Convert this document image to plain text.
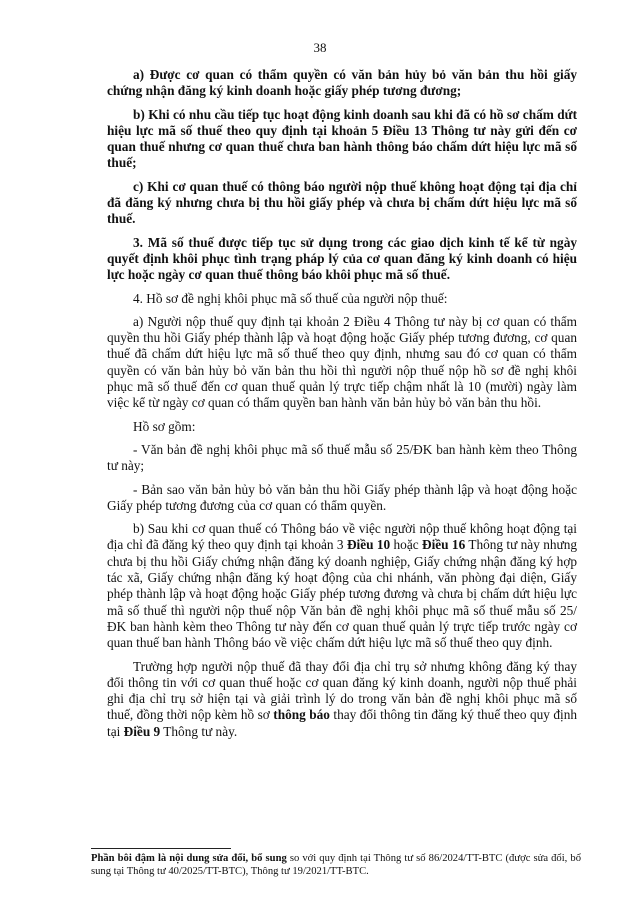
38

a) Được cơ quan có thẩm quyền có văn bản hủy bỏ văn bản thu hồi giấy chứng nhận đăng ký kinh doanh hoặc giấy phép tương đương;

b) Khi có nhu cầu tiếp tục hoạt động kinh doanh sau khi đã có hồ sơ chấm dứt hiệu lực mã số thuế theo quy định tại khoản 5 Điều 13 Thông tư này gửi đến cơ quan thuế nhưng cơ quan thuế chưa ban hành thông báo chấm dứt hiệu lực mã số thuế;

c) Khi cơ quan thuế có thông báo người nộp thuế không hoạt động tại địa chỉ đã đăng ký nhưng chưa bị thu hồi giấy phép và chưa bị chấm dứt hiệu lực mã số thuế.

3. Mã số thuế được tiếp tục sử dụng trong các giao dịch kinh tế kể từ ngày quyết định khôi phục tình trạng pháp lý của cơ quan đăng ký kinh doanh có hiệu lực hoặc ngày cơ quan thuế thông báo khôi phục mã số thuế.

4. Hồ sơ đề nghị khôi phục mã số thuế của người nộp thuế:

a) Người nộp thuế quy định tại khoản 2 Điều 4 Thông tư này bị cơ quan có thẩm quyền thu hồi Giấy phép thành lập và hoạt động hoặc Giấy phép tương đương, cơ quan thuế đã chấm dứt hiệu lực mã số thuế theo quy định, nhưng sau đó cơ quan có thẩm quyền có văn bản hủy bỏ văn bản thu hồi thì người nộp thuế nộp hồ sơ đề nghị khôi phục mã số thuế đến cơ quan thuế quản lý trực tiếp chậm nhất là 10 (mười) ngày làm việc kể từ ngày cơ quan có thẩm quyền ban hành văn bản hủy bỏ văn bản thu hồi.

Hồ sơ gồm:

- Văn bản đề nghị khôi phục mã số thuế mẫu số 25/ĐK ban hành kèm theo Thông tư này;

- Bản sao văn bản hủy bỏ văn bản thu hồi Giấy phép thành lập và hoạt động hoặc Giấy phép tương đương của cơ quan có thẩm quyền.

b) Sau khi cơ quan thuế có Thông báo về việc người nộp thuế không hoạt động tại địa chỉ đã đăng ký theo quy định tại khoản 3 Điều 10 hoặc Điều 16 Thông tư này nhưng chưa bị thu hồi Giấy chứng nhận đăng ký doanh nghiệp, Giấy chứng nhận đăng ký hợp tác xã, Giấy chứng nhận đăng ký hoạt động của chi nhánh, văn phòng đại diện, Giấy phép thành lập và hoạt động hoặc Giấy phép tương đương và chưa bị chấm dứt hiệu lực mã số thuế thì người nộp thuế nộp Văn bản đề nghị khôi phục mã số thuế mẫu số 25/ĐK ban hành kèm theo Thông tư này đến cơ quan thuế quản lý trực tiếp trước ngày cơ quan thuế ban hành Thông báo về việc chấm dứt hiệu lực mã số thuế theo quy định.

Trường hợp người nộp thuế đã thay đổi địa chỉ trụ sở nhưng không đăng ký thay đổi thông tin với cơ quan thuế hoặc cơ quan đăng ký kinh doanh, người nộp thuế phải ghi địa chỉ trụ sở hiện tại và giải trình lý do trong văn bản đề nghị khôi phục mã số thuế, đồng thời nộp kèm hồ sơ thông báo thay đổi thông tin đăng ký thuế theo quy định tại Điều 9 Thông tư này.

Phần bôi đậm là nội dung sửa đổi, bổ sung so với quy định tại Thông tư số 86/2024/TT-BTC (được sửa đổi, bổ sung tại Thông tư 40/2025/TT-BTC), Thông tư 19/2021/TT-BTC.
